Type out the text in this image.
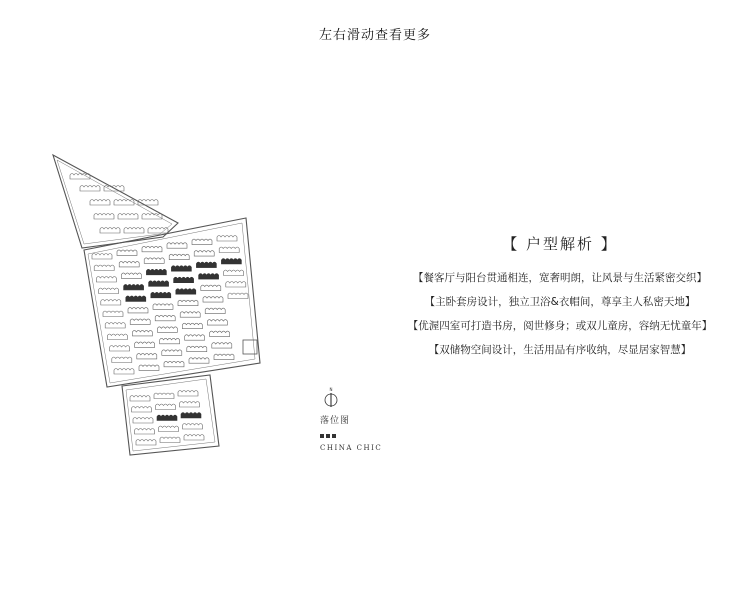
左右滑动查看更多
N
落位图
CHINA CHIC
【 户型解析 】
【餐客厅与阳台贯通相连，宽奢明朗，让风景与生活紧密交织】
【主卧套房设计，独立卫浴&衣帽间，尊享主人私密天地】
【优渥四室可打造书房，阅世修身；或双儿童房，容纳无忧童年】
【双储物空间设计，生活用品有序收纳，尽显居家智慧】
